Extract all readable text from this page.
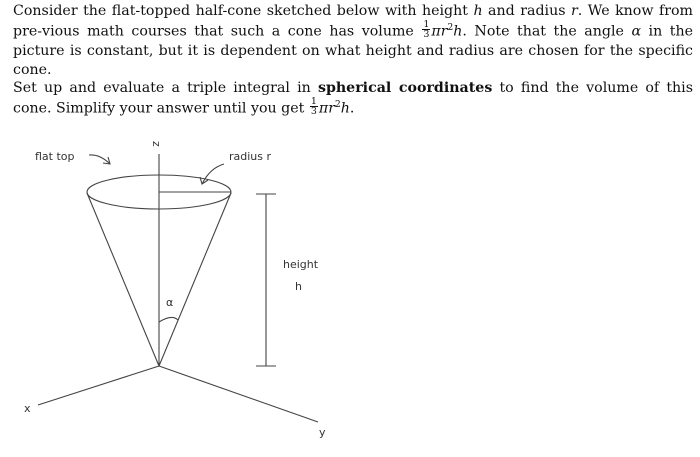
Consider the flat-topped half-cone sketched below with height h and radius r. We know from pre-vious math courses that such a cone has volume $\frac{1}{3} \pi r^2h$. Note that the angle α in the picture is constant, but it is dependent on what height and radius are chosen for the specific cone.
Set up and evaluate a triple integral in spherical coordinates to find the volume of this cone. Simplify your answer until you get $\frac{1}{3} \pi r^2h$.
flat top	radius r
height
h
α
z
x
y
